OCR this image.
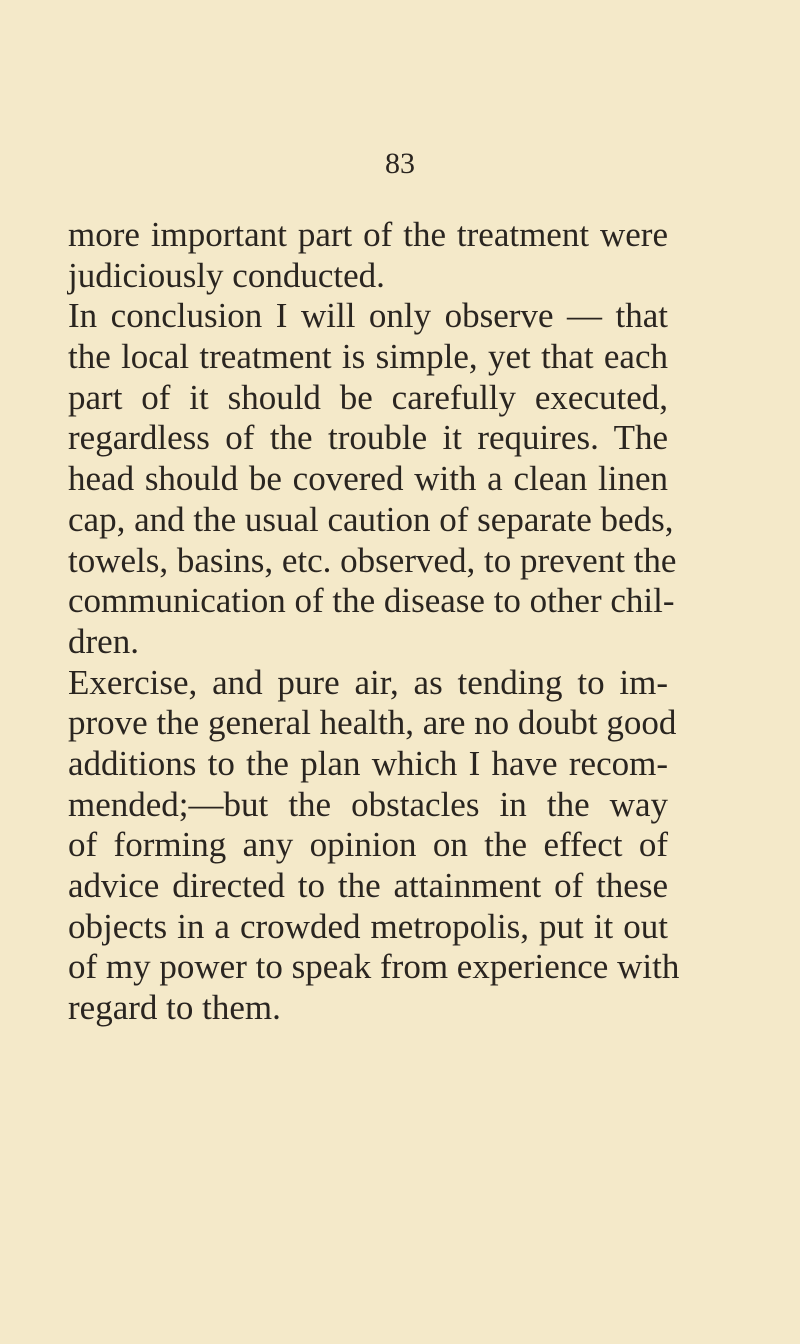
83
more important part of the treatment were
judiciously conducted.
In conclusion I will only observe — that
the local treatment is simple, yet that each
part of it should be carefully executed,
regardless of the trouble it requires. The
head should be covered with a clean linen
cap, and the usual caution of separate beds,
towels, basins, etc. observed, to prevent the
communication of the disease to other chil-
dren.
Exercise, and pure air, as tending to im-
prove the general health, are no doubt good
additions to the plan which I have recom-
mended;—but the obstacles in the way
of forming any opinion on the effect of
advice directed to the attainment of these
objects in a crowded metropolis, put it out
of my power to speak from experience with
regard to them.
